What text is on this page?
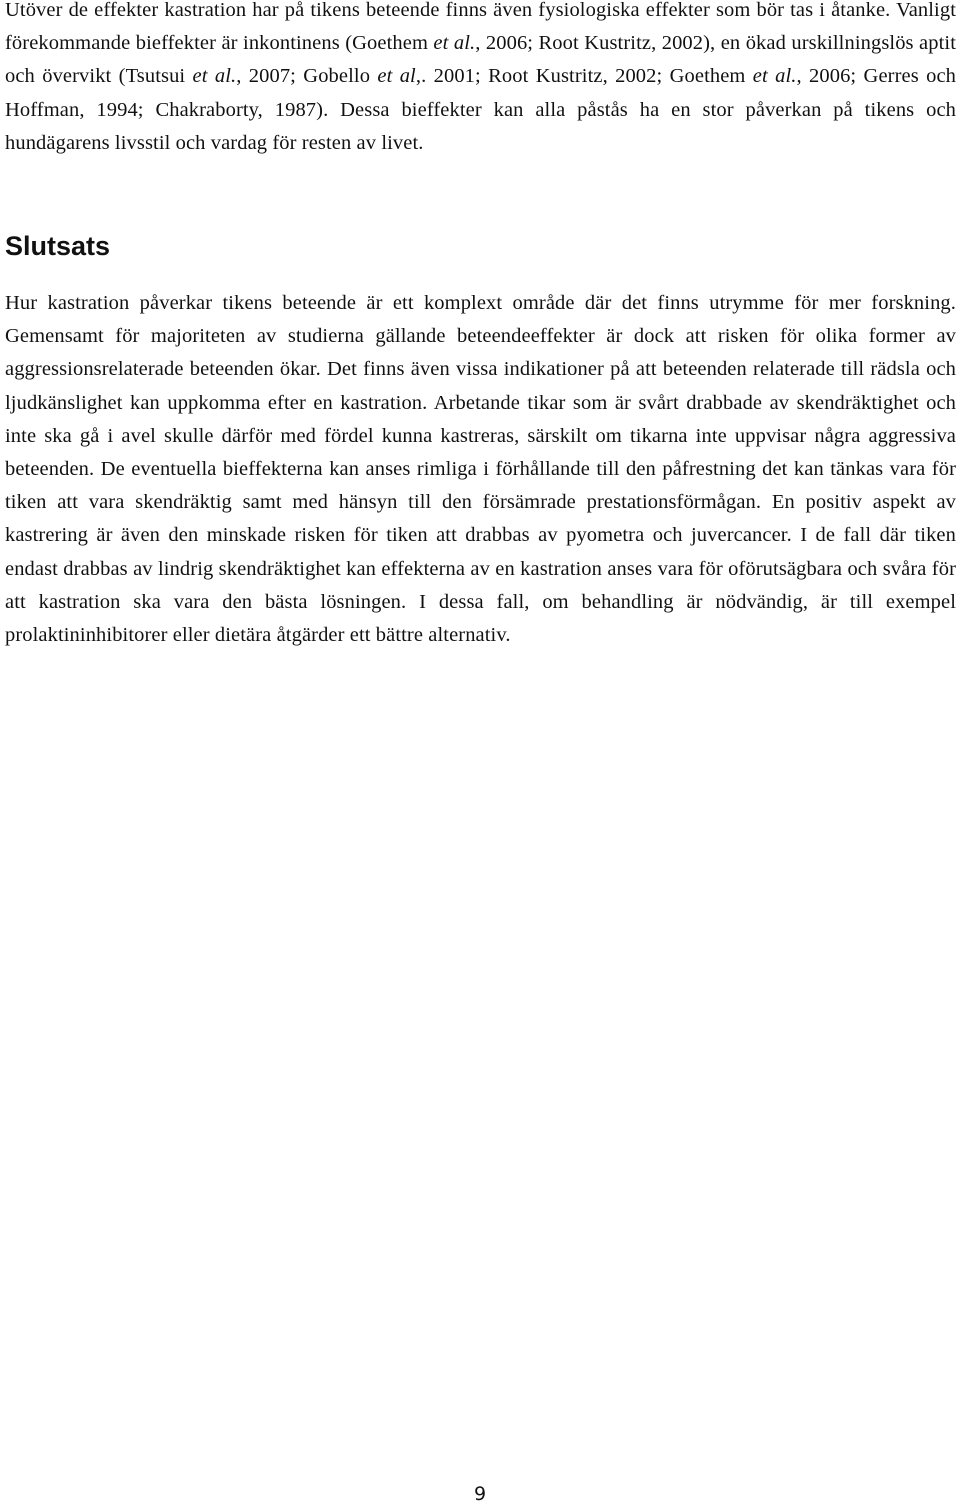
Utöver de effekter kastration har på tikens beteende finns även fysiologiska effekter som bör tas i åtanke. Vanligt förekommande bieffekter är inkontinens (Goethem et al., 2006; Root Kustritz, 2002), en ökad urskillningslös aptit och övervikt (Tsutsui et al., 2007; Gobello et al,. 2001; Root Kustritz, 2002; Goethem et al., 2006; Gerres och Hoffman, 1994; Chakraborty, 1987). Dessa bieffekter kan alla påstås ha en stor påverkan på tikens och hundägarens livsstil och vardag för resten av livet.

Slutsats

Hur kastration påverkar tikens beteende är ett komplext område där det finns utrymme för mer forskning. Gemensamt för majoriteten av studierna gällande beteendeeffekter är dock att risken för olika former av aggressionsrelaterade beteenden ökar. Det finns även vissa indikationer på att beteenden relaterade till rädsla och ljudkänslighet kan uppkomma efter en kastration. Arbetande tikar som är svårt drabbade av skendräktighet och inte ska gå i avel skulle därför med fördel kunna kastreras, särskilt om tikarna inte uppvisar några aggressiva beteenden. De eventuella bieffekterna kan anses rimliga i förhållande till den påfrestning det kan tänkas vara för tiken att vara skendräktig samt med hänsyn till den försämrade prestationsförmågan. En positiv aspekt av kastrering är även den minskade risken för tiken att drabbas av pyometra och juvercancer. I de fall där tiken endast drabbas av lindrig skendräktighet kan effekterna av en kastration anses vara för oförutsägbara och svåra för att kastration ska vara den bästa lösningen. I dessa fall, om behandling är nödvändig, är till exempel prolaktininhibitorer eller dietära åtgärder ett bättre alternativ.

9
